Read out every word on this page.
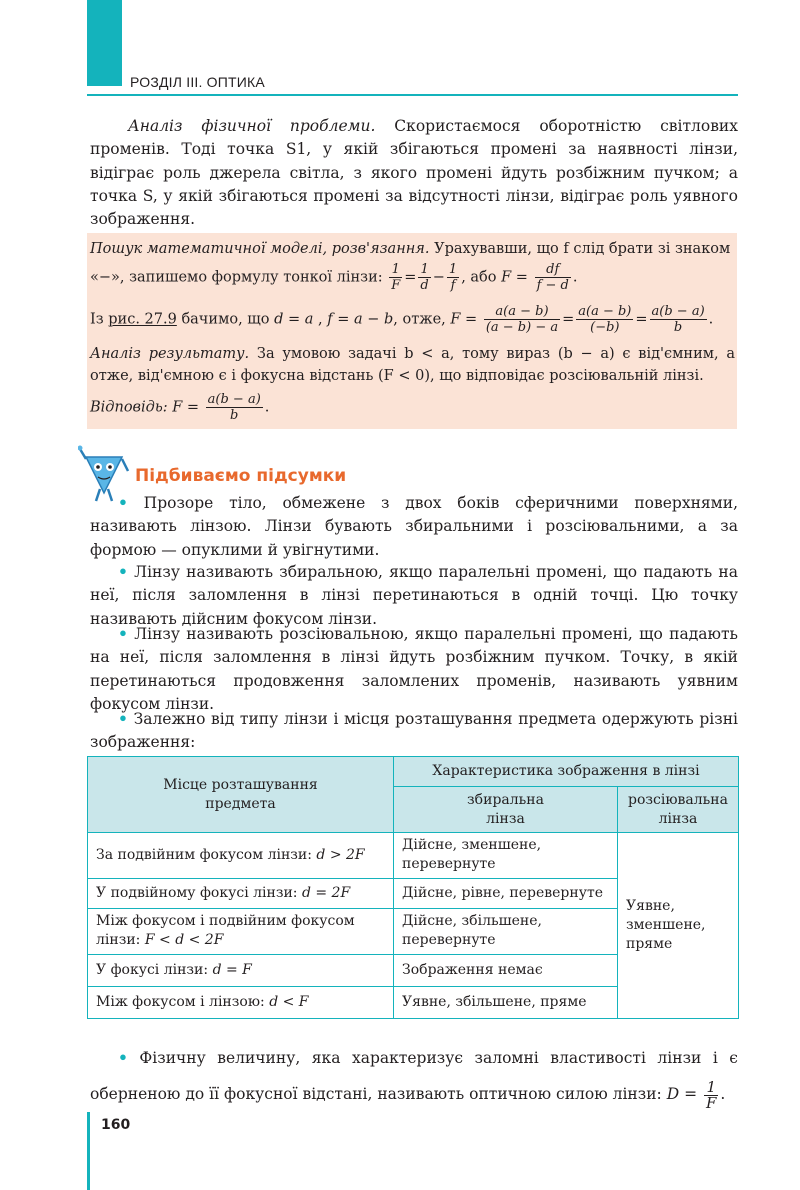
РОЗДІЛ ІІІ. ОПТИКА
Аналіз фізичної проблеми. Скористаємося оборотністю світлових променів. Тоді точка S1, у якій збігаються промені за наявності лінзи, відіграє роль джерела світла, з якого промені йдуть розбіжним пучком; а точка S, у якій збігаються промені за відсутності лінзи, відіграє роль уявного зображення.
Пошук математичної моделі, розв'язання. Урахувавши, що f слід брати зі знаком
«−», запишемо формулу тонкої лінзи: $\frac{1}{F} = \frac{1}{d} - \frac{1}{f}$ , або $F = \frac{df}{f - d}$ .
Із рис. 27.9 бачимо, що d = a , f = a − b, отже, $F = \frac{a(a - b)}{(a - b) - a} = \frac{a(a - b)}{(-b)} = \frac{a(b - a)}{b}$ .
Аналіз результату. За умовою задачі b < a, тому вираз (b − a) є від'ємним, а отже, від'ємною є і фокусна відстань (F < 0), що відповідає розсіювальній лінзі.
Відповідь: $F = \frac{a(b - a)}{b}$ .
Підбиваємо підсумки
• Прозоре тіло, обмежене з двох боків сферичними поверхнями, називають лінзою. Лінзи бувають збиральними і розсіювальними, а за формою — опуклими й увігнутими.
• Лінзу називають збиральною, якщо паралельні промені, що падають на неї, після заломлення в лінзі перетинаються в одній точці. Цю точку називають дійсним фокусом лінзи.
• Лінзу називають розсіювальною, якщо паралельні промені, що падають на неї, після заломлення в лінзі йдуть розбіжним пучком. Точку, в якій перетинаються продовження заломлених променів, називають уявним фокусом лінзи.
• Залежно від типу лінзи і місця розташування предмета одержують різні зображення:
Місце розташування предмета	Характеристика зображення в лінзі	
	збиральна лінза	розсіювальна лінза
За подвійним фокусом лінзи: d > 2F	Дійсне, зменшене, перевернуте	Уявне, зменшене, пряме
У подвійному фокусі лінзи: d = 2F	Дійсне, рівне, перевернуте	
Між фокусом і подвійним фокусом лінзи: F < d < 2F	Дійсне, збільшене, перевернуте	
У фокусі лінзи: d = F	Зображення немає	
Між фокусом і лінзою: d < F	Уявне, збільшене, пряме	
• Фізичну величину, яка характеризує заломні властивості лінзи і є оберненою до її фокусної відстані, називають оптичною силою лінзи: $D = \frac{1}{F}$ .
160
